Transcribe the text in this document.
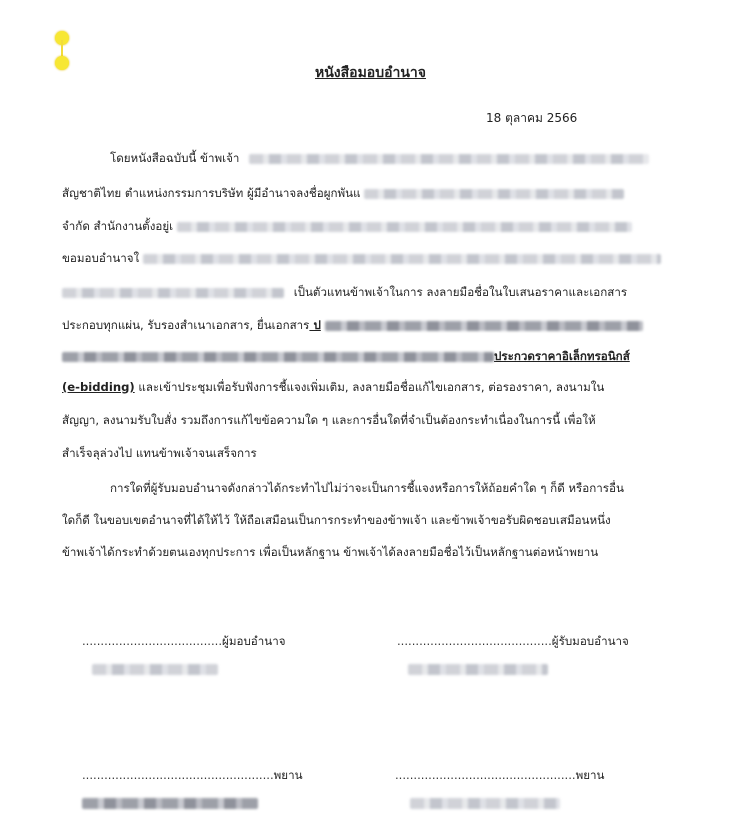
หนังสือมอบอำนาจ
18 ตุลาคม 2566
โดยหนังสือฉบับนี้ ข้าพเจ้า
สัญชาติไทย ตำแหน่งกรรมการบริษัท ผู้มีอำนาจลงชื่อผูกพันแ
จำกัด สำนักงานตั้งอยู่เ
ขอมอบอำนาจใ
เป็นตัวแทนข้าพเจ้าในการ ลงลายมือชื่อในใบเสนอราคาและเอกสาร
ประกอบทุกแผ่น, รับรองสำเนาเอกสาร, ยื่นเอกสาร ป
ประกวดราคาอิเล็กทรอนิกส์
(e-bidding) และเข้าประชุมเพื่อรับฟังการชี้แจงเพิ่มเติม, ลงลายมือชื่อแก้ไขเอกสาร, ต่อรองราคา, ลงนามใน
สัญญา, ลงนามรับใบสั่ง รวมถึงการแก้ไขข้อความใด ๆ และการอื่นใดที่จำเป็นต้องกระทำเนื่องในการนี้ เพื่อให้
สำเร็จลุล่วงไป แทนข้าพเจ้าจนเสร็จการ
การใดที่ผู้รับมอบอำนาจดังกล่าวได้กระทำไปไม่ว่าจะเป็นการชี้แจงหรือการให้ถ้อยคำใด ๆ ก็ดี หรือการอื่น
ใดก็ดี ในขอบเขตอำนาจที่ได้ให้ไว้ ให้ถือเสมือนเป็นการกระทำของข้าพเจ้า และข้าพเจ้าขอรับผิดชอบเสมือนหนึ่ง
ข้าพเจ้าได้กระทำด้วยตนเองทุกประการ เพื่อเป็นหลักฐาน ข้าพเจ้าได้ลงลายมือชื่อไว้เป็นหลักฐานต่อหน้าพยาน
......................................ผู้มอบอำนาจ	..........................................ผู้รับมอบอำนาจ
....................................................พยาน	.................................................พยาน
